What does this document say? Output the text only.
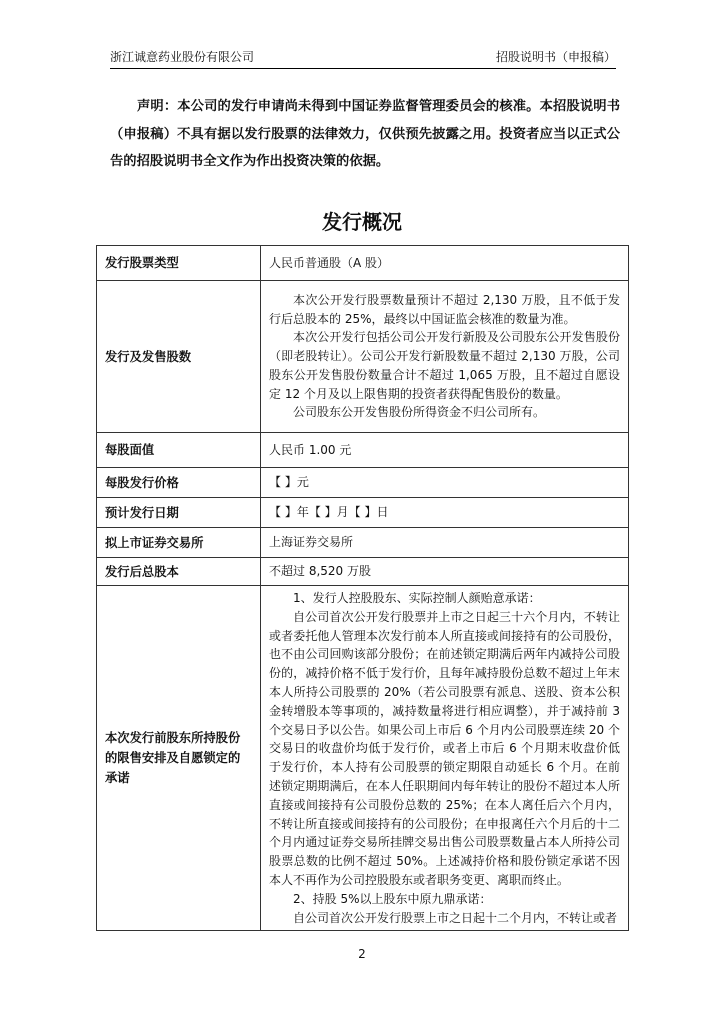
浙江诚意药业股份有限公司	招股说明书（申报稿）
声明：本公司的发行申请尚未得到中国证券监督管理委员会的核准。本招股说明书（申报稿）不具有据以发行股票的法律效力，仅供预先披露之用。投资者应当以正式公告的招股说明书全文作为作出投资决策的依据。
发行概况
发行股票类型	人民币普通股（A 股）

发行及发售股数	本次公开发行股票数量预计不超过 2,130 万股，且不低于发行后总股本的 25%，最终以中国证监会核准的数量为准。

本次公开发行包括公司公开发行新股及公司股东公开发售股份（即老股转让）。公司公开发行新股数量不超过 2,130 万股，公司股东公开发售股份数量合计不超过 1,065 万股，且不超过自愿设定 12 个月及以上限售期的投资者获得配售股份的数量。

公司股东公开发售股份所得资金不归公司所有。

每股面值	人民币 1.00 元

每股发行价格	【 】元

预计发行日期	【 】年【 】月【 】日

拟上市证券交易所	上海证券交易所

发行后总股本	不超过 8,520 万股

本次发行前股东所持股份的限售安排及自愿锁定的承诺	1、发行人控股股东、实际控制人颜贻意承诺：

自公司首次公开发行股票并上市之日起三十六个月内，不转让或者委托他人管理本次发行前本人所直接或间接持有的公司股份，也不由公司回购该部分股份；在前述锁定期满后两年内减持公司股份的，减持价格不低于发行价，且每年减持股份总数不超过上年末本人所持公司股票的 20%（若公司股票有派息、送股、资本公积金转增股本等事项的，减持数量将进行相应调整），并于减持前 3 个交易日予以公告。如果公司上市后 6 个月内公司股票连续 20 个交易日的收盘价均低于发行价，或者上市后 6 个月期末收盘价低于发行价，本人持有公司股票的锁定期限自动延长 6 个月。在前述锁定期期满后，在本人任职期间内每年转让的股份不超过本人所直接或间接持有公司股份总数的 25%；在本人离任后六个月内，不转让所直接或间接持有的公司股份；在申报离任六个月后的十二个月内通过证券交易所挂牌交易出售公司股票数量占本人所持公司股票总数的比例不超过 50%。上述减持价格和股份锁定承诺不因本人不再作为公司控股股东或者职务变更、离职而终止。

2、持股 5%以上股东中原九鼎承诺：

自公司首次公开发行股票上市之日起十二个月内，不转让或者

2
